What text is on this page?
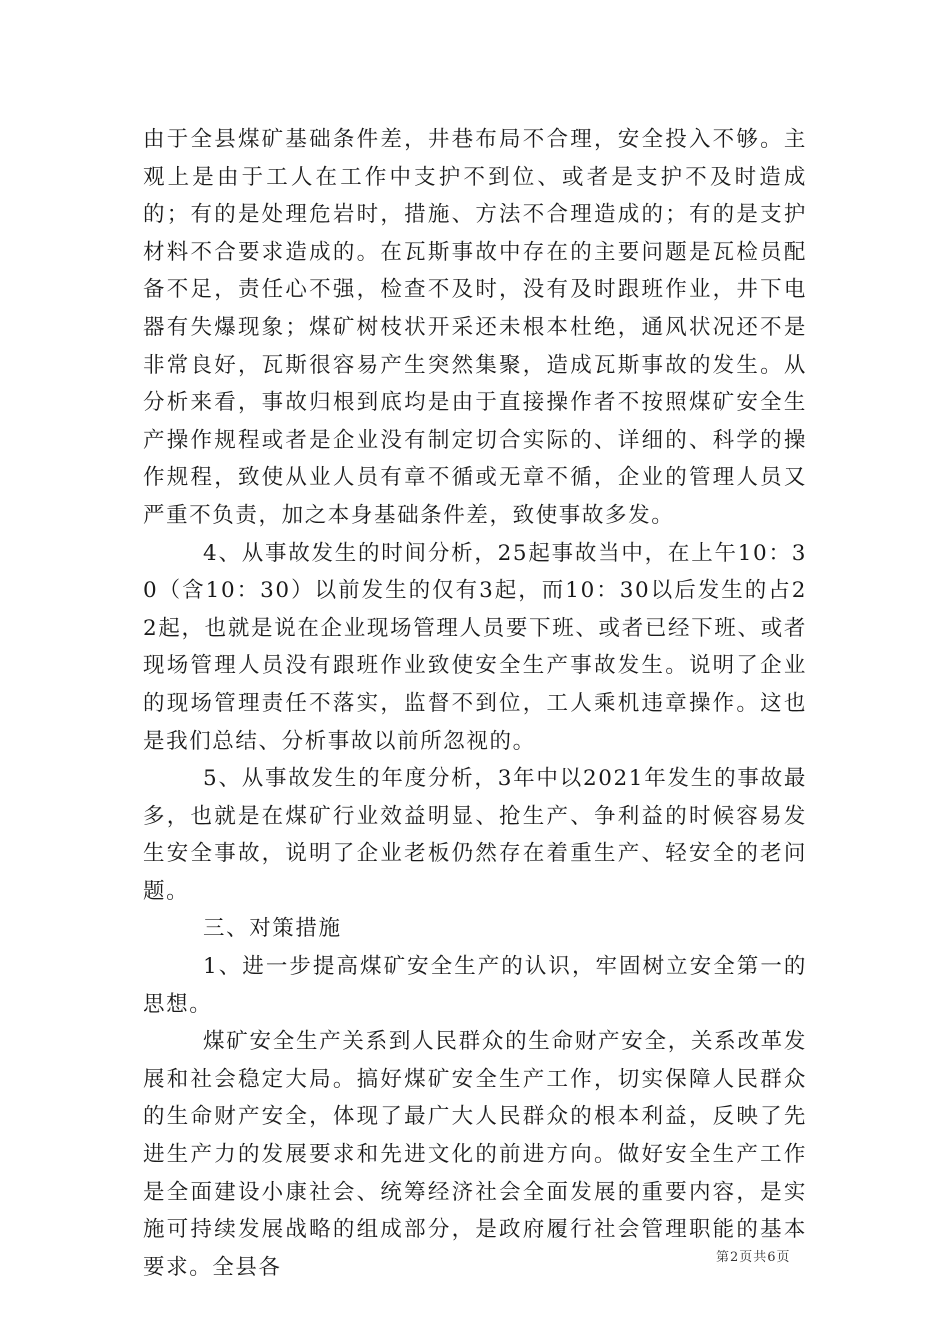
由于全县煤矿基础条件差，井巷布局不合理，安全投入不够。主观上是由于工人在工作中支护不到位、或者是支护不及时造成的；有的是处理危岩时，措施、方法不合理造成的；有的是支护材料不合要求造成的。在瓦斯事故中存在的主要问题是瓦检员配备不足，责任心不强，检查不及时，没有及时跟班作业，井下电器有失爆现象；煤矿树枝状开采还未根本杜绝，通风状况还不是非常良好，瓦斯很容易产生突然集聚，造成瓦斯事故的发生。从分析来看，事故归根到底均是由于直接操作者不按照煤矿安全生产操作规程或者是企业没有制定切合实际的、详细的、科学的操作规程，致使从业人员有章不循或无章不循，企业的管理人员又严重不负责，加之本身基础条件差，致使事故多发。

4、从事故发生的时间分析，25起事故当中，在上午10：30（含10：30）以前发生的仅有3起，而10：30以后发生的占22起，也就是说在企业现场管理人员要下班、或者已经下班、或者现场管理人员没有跟班作业致使安全生产事故发生。说明了企业的现场管理责任不落实，监督不到位，工人乘机违章操作。这也是我们总结、分析事故以前所忽视的。

5、从事故发生的年度分析，3年中以2021年发生的事故最多，也就是在煤矿行业效益明显、抢生产、争利益的时候容易发生安全事故，说明了企业老板仍然存在着重生产、轻安全的老问题。

三、对策措施

1、进一步提高煤矿安全生产的认识，牢固树立安全第一的思想。

煤矿安全生产关系到人民群众的生命财产安全，关系改革发展和社会稳定大局。搞好煤矿安全生产工作，切实保障人民群众的生命财产安全，体现了最广大人民群众的根本利益，反映了先进生产力的发展要求和先进文化的前进方向。做好安全生产工作是全面建设小康社会、统筹经济社会全面发展的重要内容，是实施可持续发展战略的组成部分，是政府履行社会管理职能的基本要求。全县各	第2页共6页
